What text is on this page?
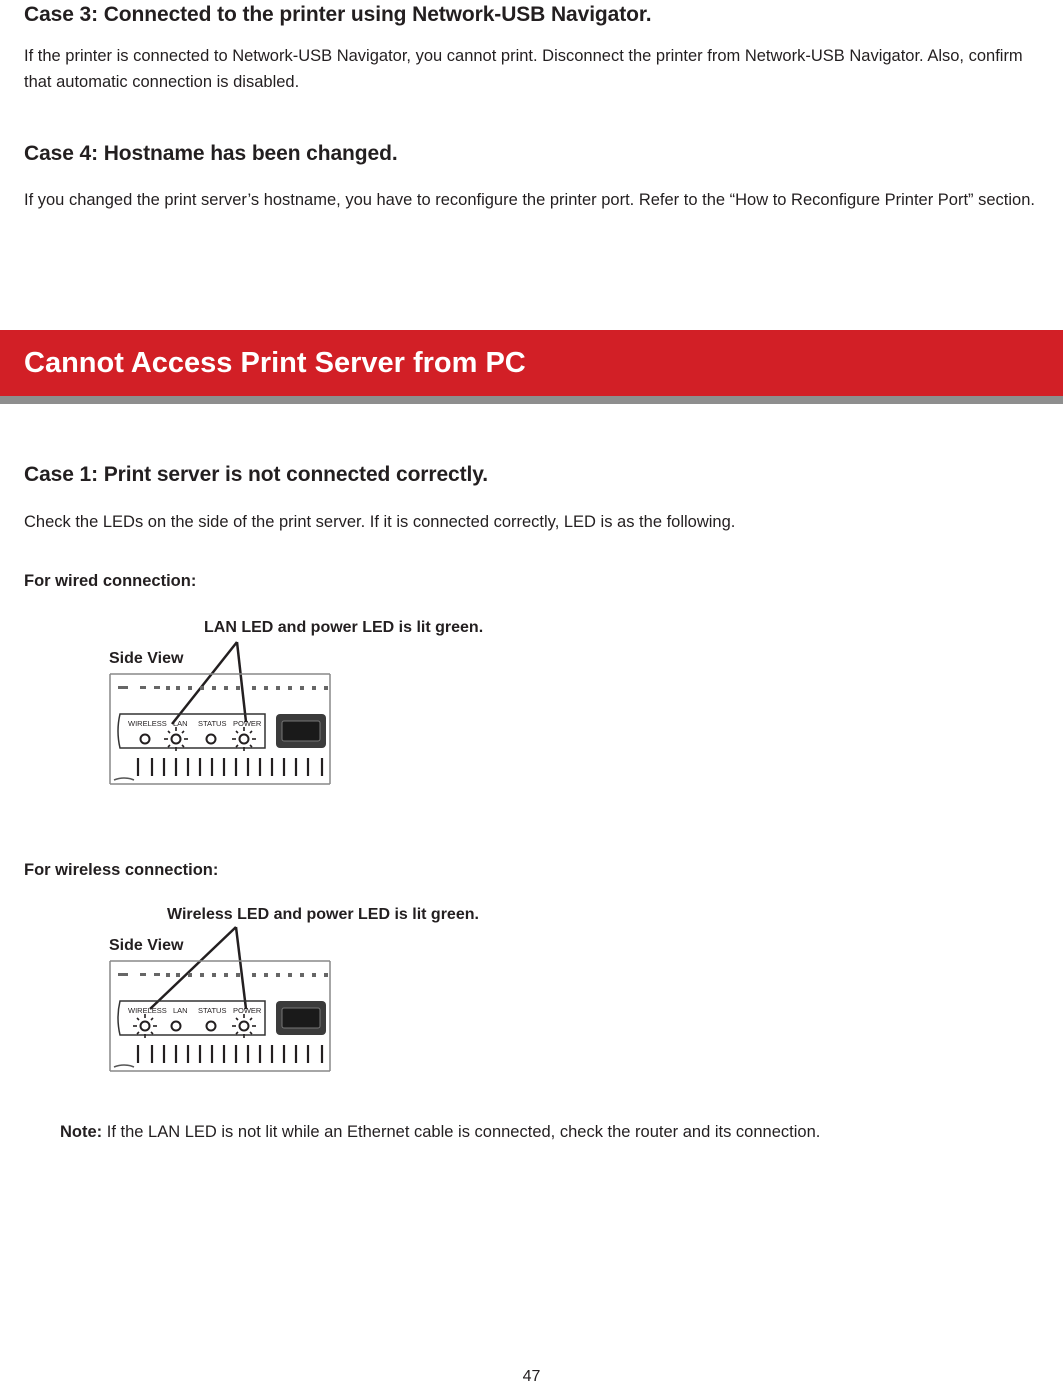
Case 3: Connected to the printer using Network-USB Navigator.

If the printer is connected to Network-USB Navigator, you cannot print. Disconnect the printer from Network-USB Navigator. Also, confirm that automatic connection is disabled.

Case 4: Hostname has been changed.

If you changed the print server’s hostname, you have to reconfigure the printer port. Refer to the “How to Reconfigure Printer Port” section.

Cannot Access Print Server from PC
Case 1: Print server is not connected correctly.

Check the LEDs on the side of the print server. If it is connected correctly, LED is as the following.

For wired connection:
LAN LED and power LED is lit green.
Side View
WIRELESS LAN STATUS POWER
For wireless connection:
Wireless LED and power LED is lit green.
Side View
WIRELESS LAN STATUS POWER
Note: If the LAN LED is not lit while an Ethernet cable is connected, check the router and its connection.
47
